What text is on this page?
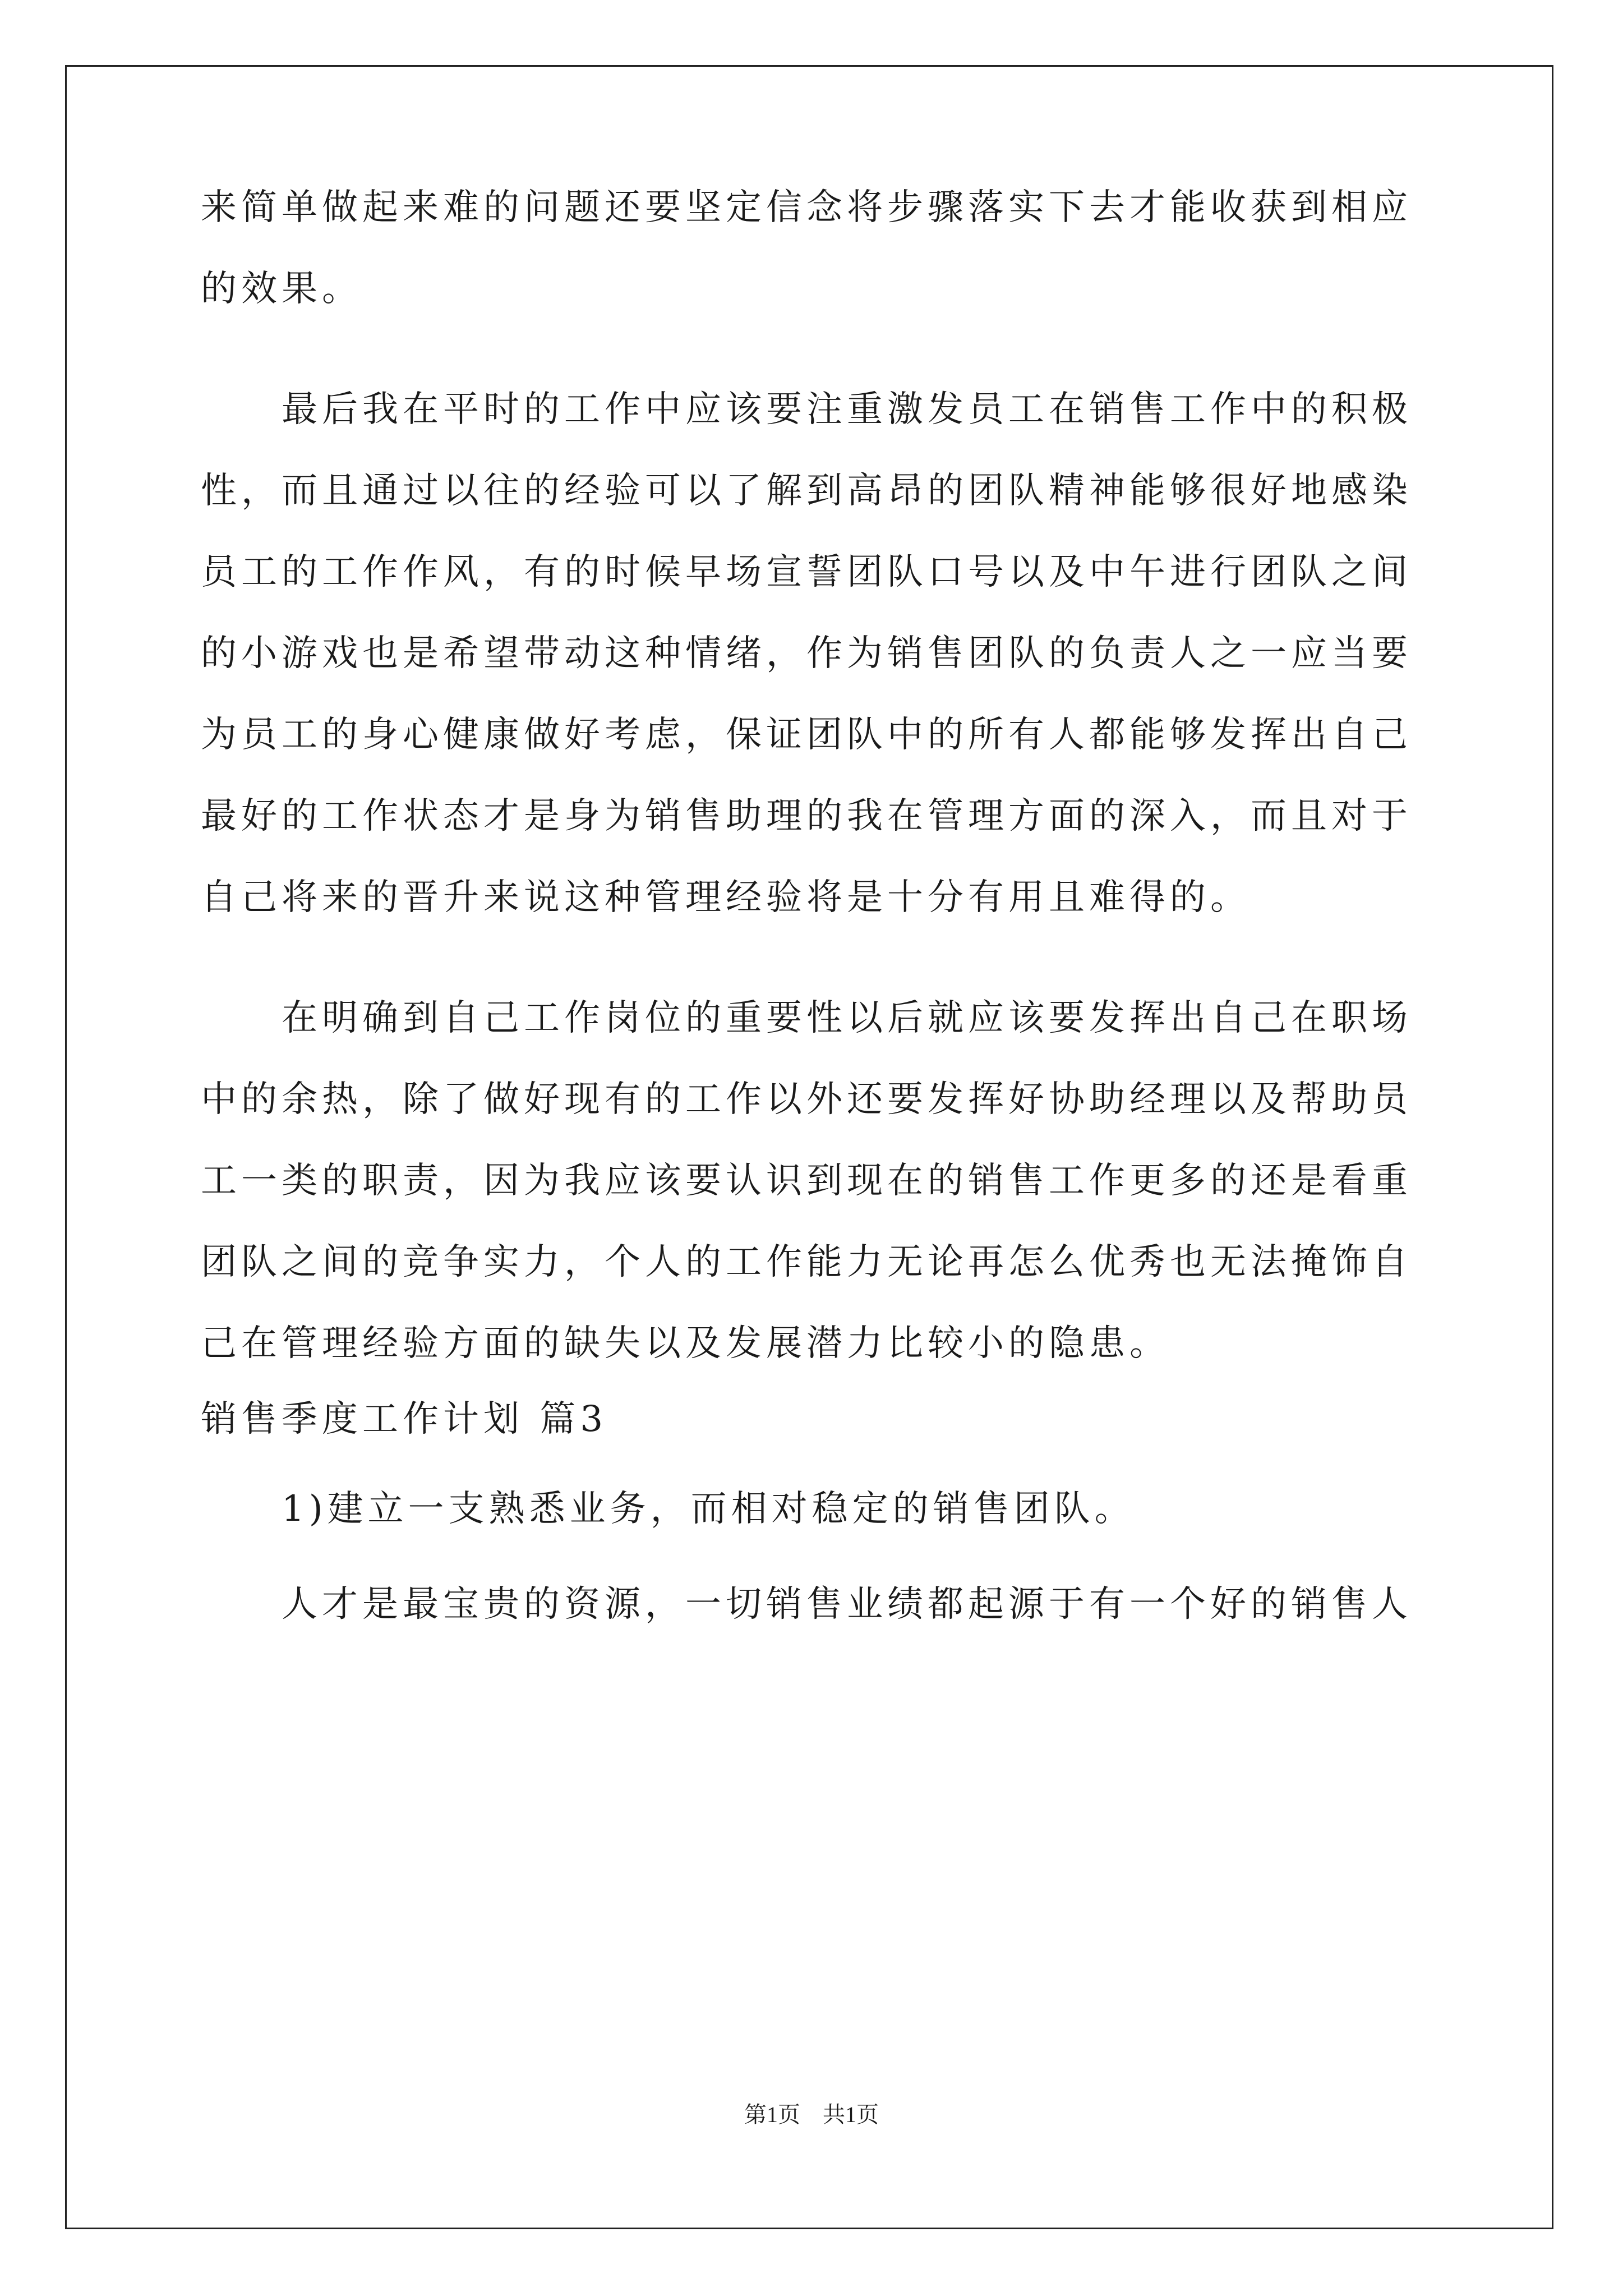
来简单做起来难的问题还要坚定信念将步骤落实下去才能收获到相应
的效果。
　　最后我在平时的工作中应该要注重激发员工在销售工作中的积极
性，而且通过以往的经验可以了解到高昂的团队精神能够很好地感染
员工的工作作风，有的时候早场宣誓团队口号以及中午进行团队之间
的小游戏也是希望带动这种情绪，作为销售团队的负责人之一应当要
为员工的身心健康做好考虑，保证团队中的所有人都能够发挥出自己
最好的工作状态才是身为销售助理的我在管理方面的深入，而且对于
自己将来的晋升来说这种管理经验将是十分有用且难得的。
　　在明确到自己工作岗位的重要性以后就应该要发挥出自己在职场
中的余热，除了做好现有的工作以外还要发挥好协助经理以及帮助员
工一类的职责，因为我应该要认识到现在的销售工作更多的还是看重
团队之间的竞争实力，个人的工作能力无论再怎么优秀也无法掩饰自
己在管理经验方面的缺失以及发展潜力比较小的隐患。
销售季度工作计划 篇3
　　1)建立一支熟悉业务，而相对稳定的销售团队。
　　人才是最宝贵的资源，一切销售业绩都起源于有一个好的销售人
第1页　共1页
